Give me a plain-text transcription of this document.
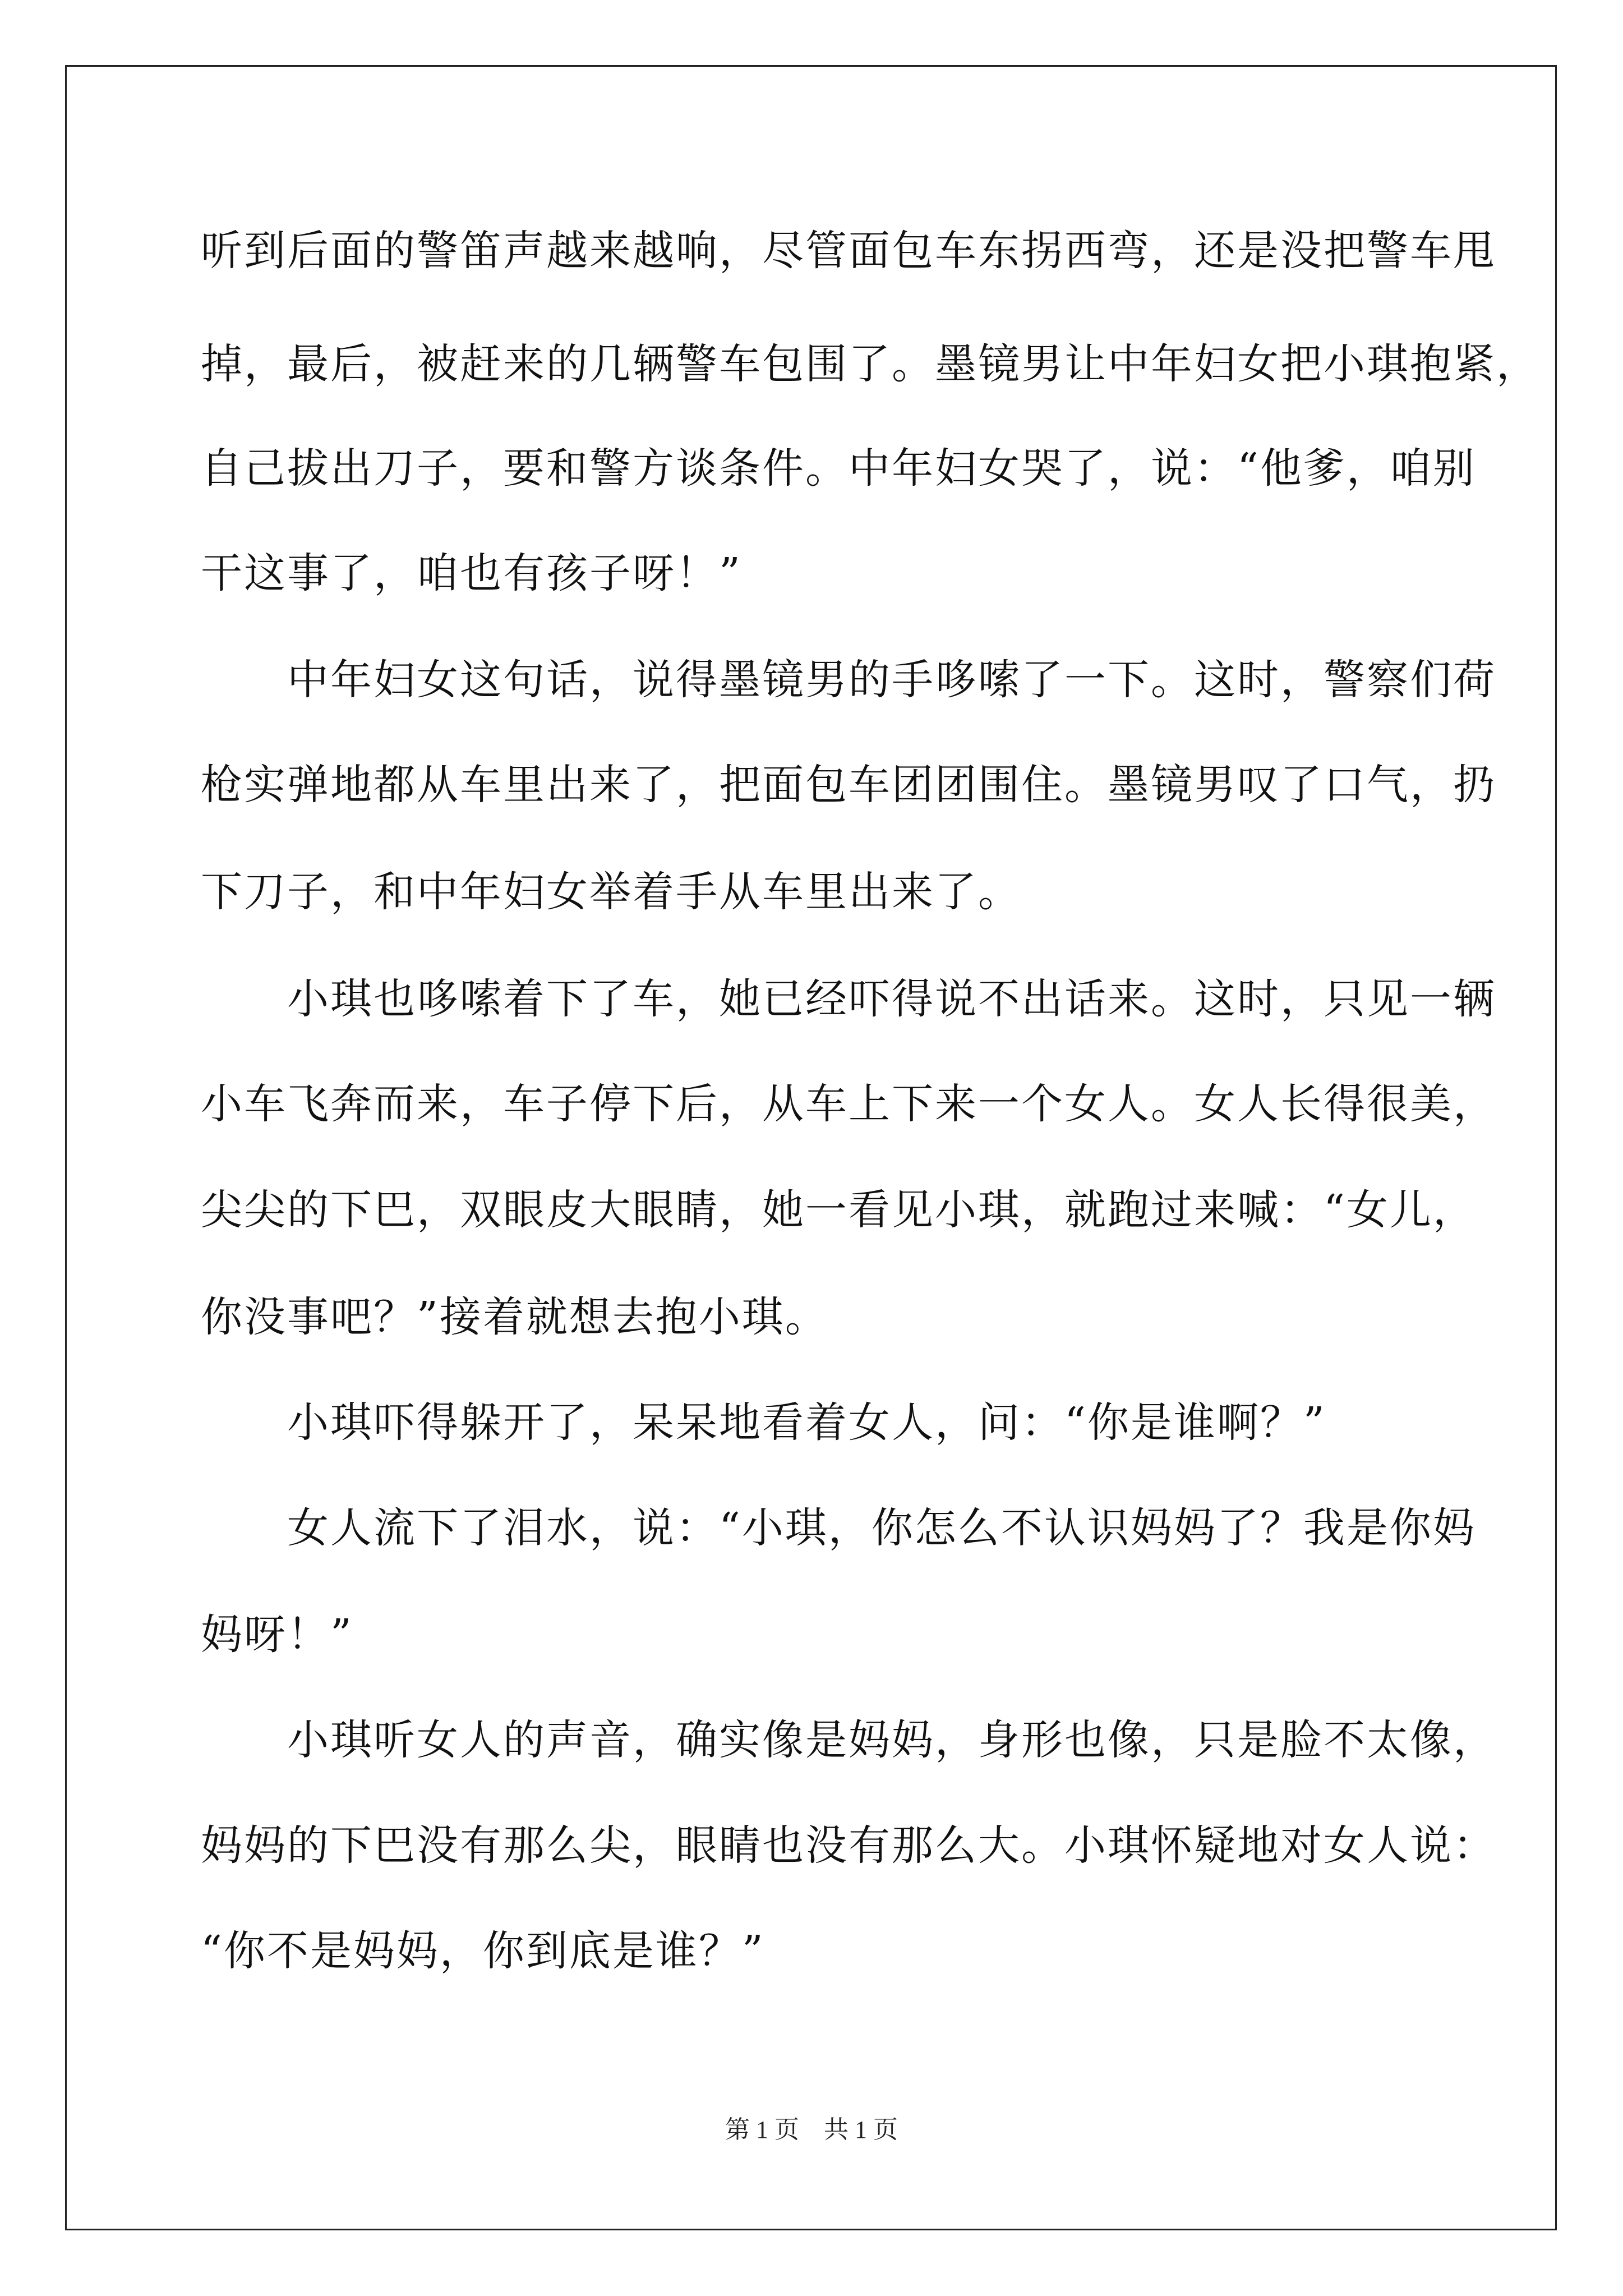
听到后面的警笛声越来越响，尽管面包车东拐西弯，还是没把警车甩
掉，最后，被赶来的几辆警车包围了。墨镜男让中年妇女把小琪抱紧，
自己拔出刀子，要和警方谈条件。中年妇女哭了，说：“他爹，咱别
干这事了，咱也有孩子呀！”
　　中年妇女这句话，说得墨镜男的手哆嗦了一下。这时，警察们荷
枪实弹地都从车里出来了，把面包车团团围住。墨镜男叹了口气，扔
下刀子，和中年妇女举着手从车里出来了。
　　小琪也哆嗦着下了车，她已经吓得说不出话来。这时，只见一辆
小车飞奔而来，车子停下后，从车上下来一个女人。女人长得很美，
尖尖的下巴，双眼皮大眼睛，她一看见小琪，就跑过来喊：“女儿，
你没事吧？”接着就想去抱小琪。
　　小琪吓得躲开了，呆呆地看着女人，问：“你是谁啊？”
　　女人流下了泪水，说：“小琪，你怎么不认识妈妈了？我是你妈
妈呀！”
　　小琪听女人的声音，确实像是妈妈，身形也像，只是脸不太像，
妈妈的下巴没有那么尖，眼睛也没有那么大。小琪怀疑地对女人说：
“你不是妈妈，你到底是谁？”
第 1 页　共 1 页
